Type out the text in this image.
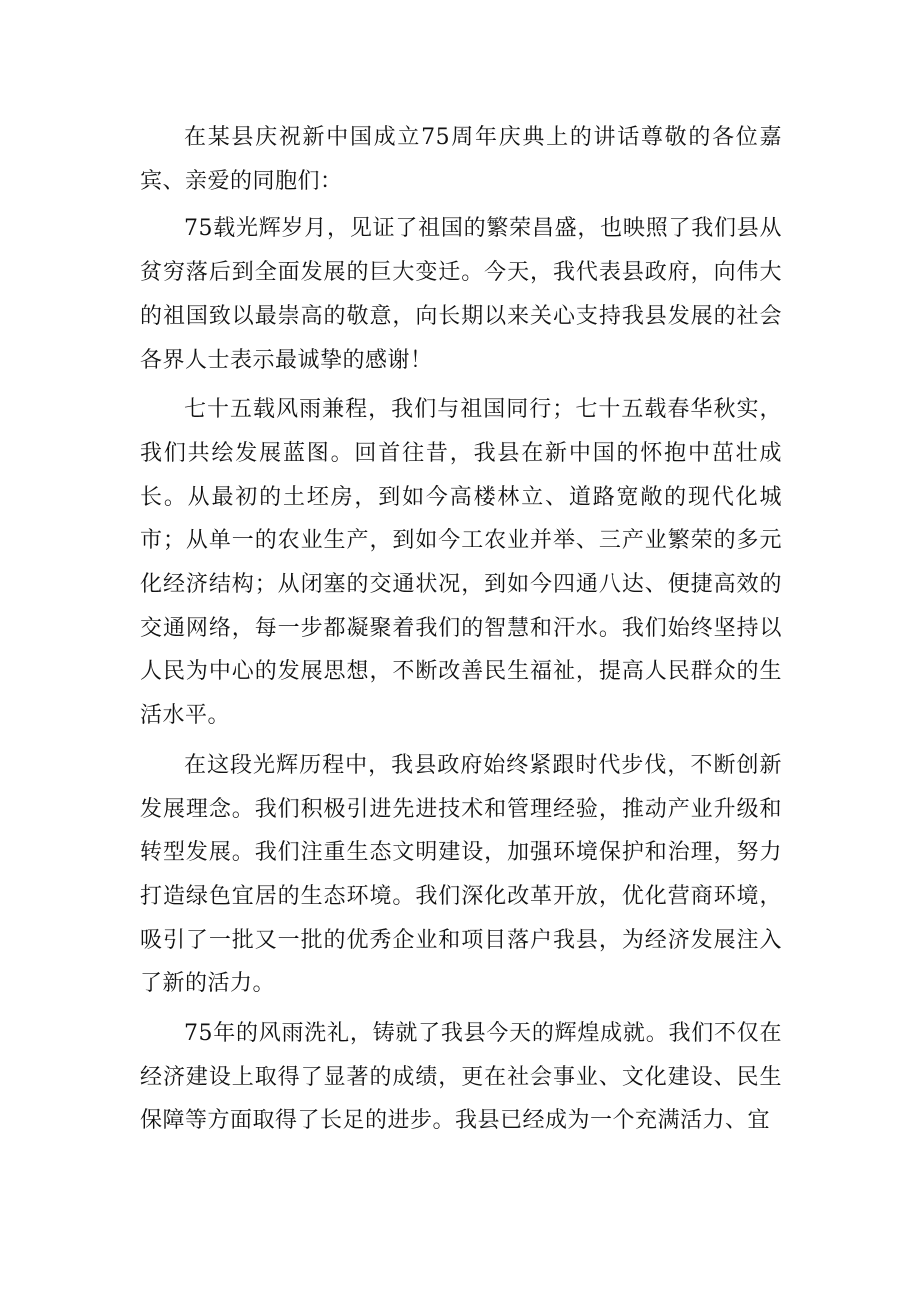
在某县庆祝新中国成立75周年庆典上的讲话尊敬的各位嘉宾、亲爱的同胞们：

75载光辉岁月，见证了祖国的繁荣昌盛，也映照了我们县从贫穷落后到全面发展的巨大变迁。今天，我代表县政府，向伟大的祖国致以最崇高的敬意，向长期以来关心支持我县发展的社会各界人士表示最诚挚的感谢！

七十五载风雨兼程，我们与祖国同行；七十五载春华秋实，我们共绘发展蓝图。回首往昔，我县在新中国的怀抱中茁壮成长。从最初的土坯房，到如今高楼林立、道路宽敞的现代化城市；从单一的农业生产，到如今工农业并举、三产业繁荣的多元化经济结构；从闭塞的交通状况，到如今四通八达、便捷高效的交通网络，每一步都凝聚着我们的智慧和汗水。我们始终坚持以人民为中心的发展思想，不断改善民生福祉，提高人民群众的生活水平。

在这段光辉历程中，我县政府始终紧跟时代步伐，不断创新发展理念。我们积极引进先进技术和管理经验，推动产业升级和转型发展。我们注重生态文明建设，加强环境保护和治理，努力打造绿色宜居的生态环境。我们深化改革开放，优化营商环境，吸引了一批又一批的优秀企业和项目落户我县，为经济发展注入了新的活力。

75年的风雨洗礼，铸就了我县今天的辉煌成就。我们不仅在经济建设上取得了显著的成绩，更在社会事业、文化建设、民生保障等方面取得了长足的进步。我县已经成为一个充满活力、宜
